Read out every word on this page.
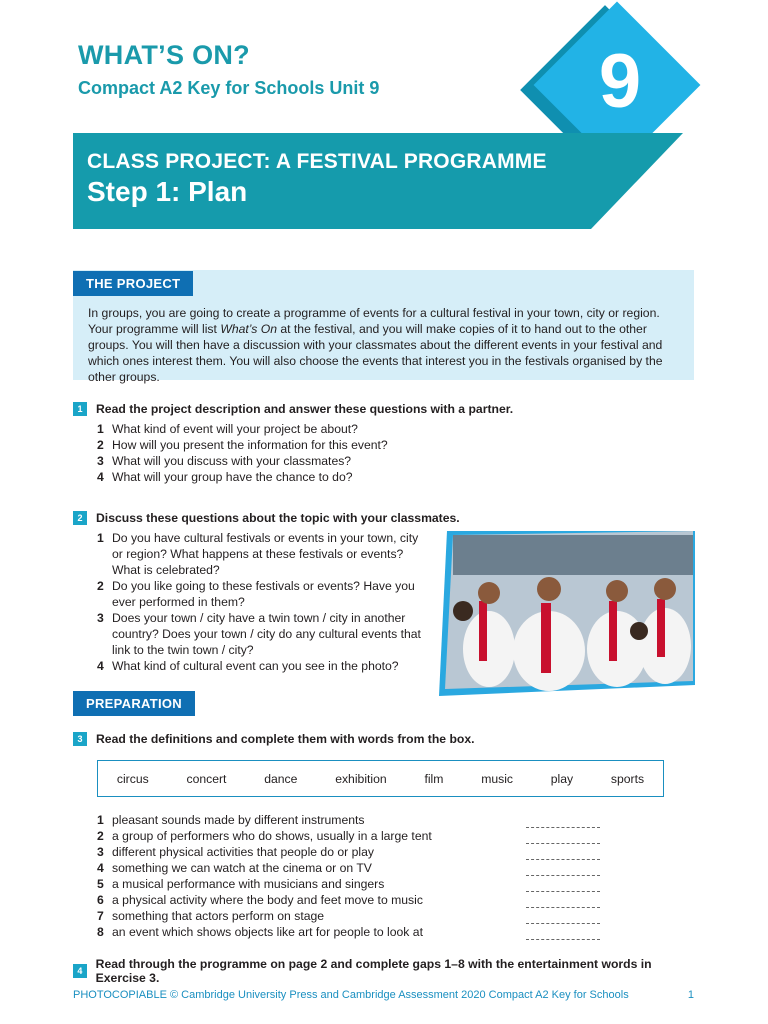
WHAT’S ON?
Compact A2 Key for Schools Unit 9	9
CLASS PROJECT: A FESTIVAL PROGRAMME
Step 1: Plan
THE PROJECT
In groups, you are going to create a programme of events for a cultural festival in your town, city or region. Your programme will list What’s On at the festival, and you will make copies of it to hand out to the other groups. You will then have a discussion with your classmates about the different events in your festival and which ones interest them. You will also choose the events that interest you in the festivals organised by the other groups.
1	Read the project description and answer these questions with a partner.
1 What kind of event will your project be about?
2 How will you present the information for this event?
3 What will you discuss with your classmates?
4 What will your group have the chance to do?
2	Discuss these questions about the topic with your classmates.
1 Do you have cultural festivals or events in your town, city or region? What happens at these festivals or events? What is celebrated?
2 Do you like going to these festivals or events? Have you ever performed in them?
3 Does your town / city have a twin town / city in another country? Does your town / city do any cultural events that link to the twin town / city?
4 What kind of cultural event can you see in the photo?
PREPARATION
3	Read the definitions and complete them with words from the box.
circus	concert	dance	exhibition	film	music	play	sports
1 pleasant sounds made by different instruments
2 a group of performers who do shows, usually in a large tent
3 different physical activities that people do or play
4 something we can watch at the cinema or on TV
5 a musical performance with musicians and singers
6 a physical activity where the body and feet move to music
7 something that actors perform on stage
8 an event which shows objects like art for people to look at
4	Read through the programme on page 2 and complete gaps 1–8 with the entertainment words in Exercise 3.
PHOTOCOPIABLE © Cambridge University Press and Cambridge Assessment 2020 Compact A2 Key for Schools	1
